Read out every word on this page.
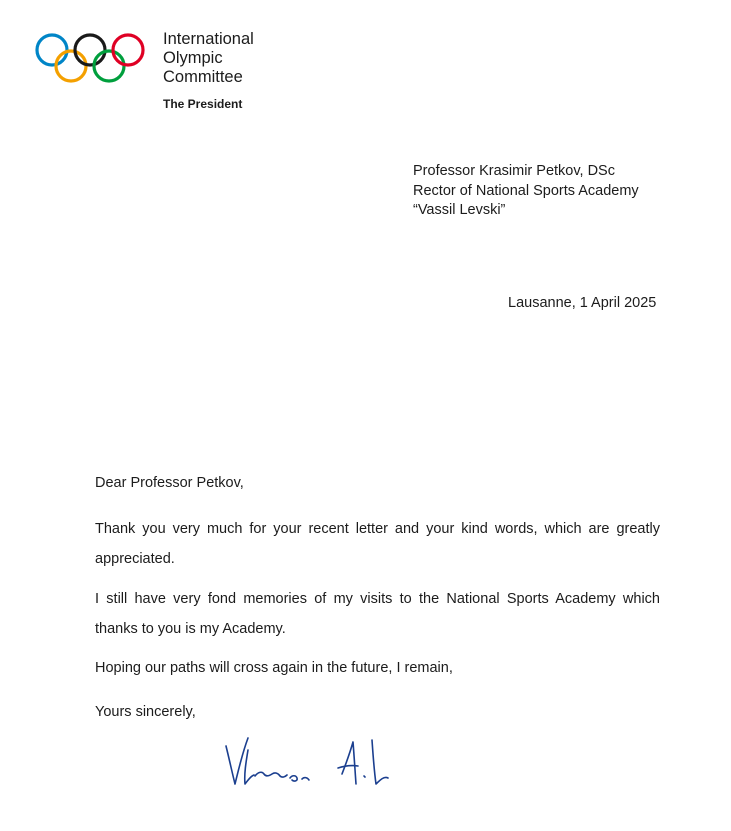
International
Olympic
Committee
The President
Professor Krasimir Petkov, DSc
Rector of National Sports Academy
“Vassil Levski”
Lausanne, 1 April 2025
Dear Professor Petkov,
Thank you very much for your recent letter and your kind words, which are greatly appreciated.
I still have very fond memories of my visits to the National Sports Academy which thanks to you is my Academy.
Hoping our paths will cross again in the future, I remain,
Yours sincerely,
